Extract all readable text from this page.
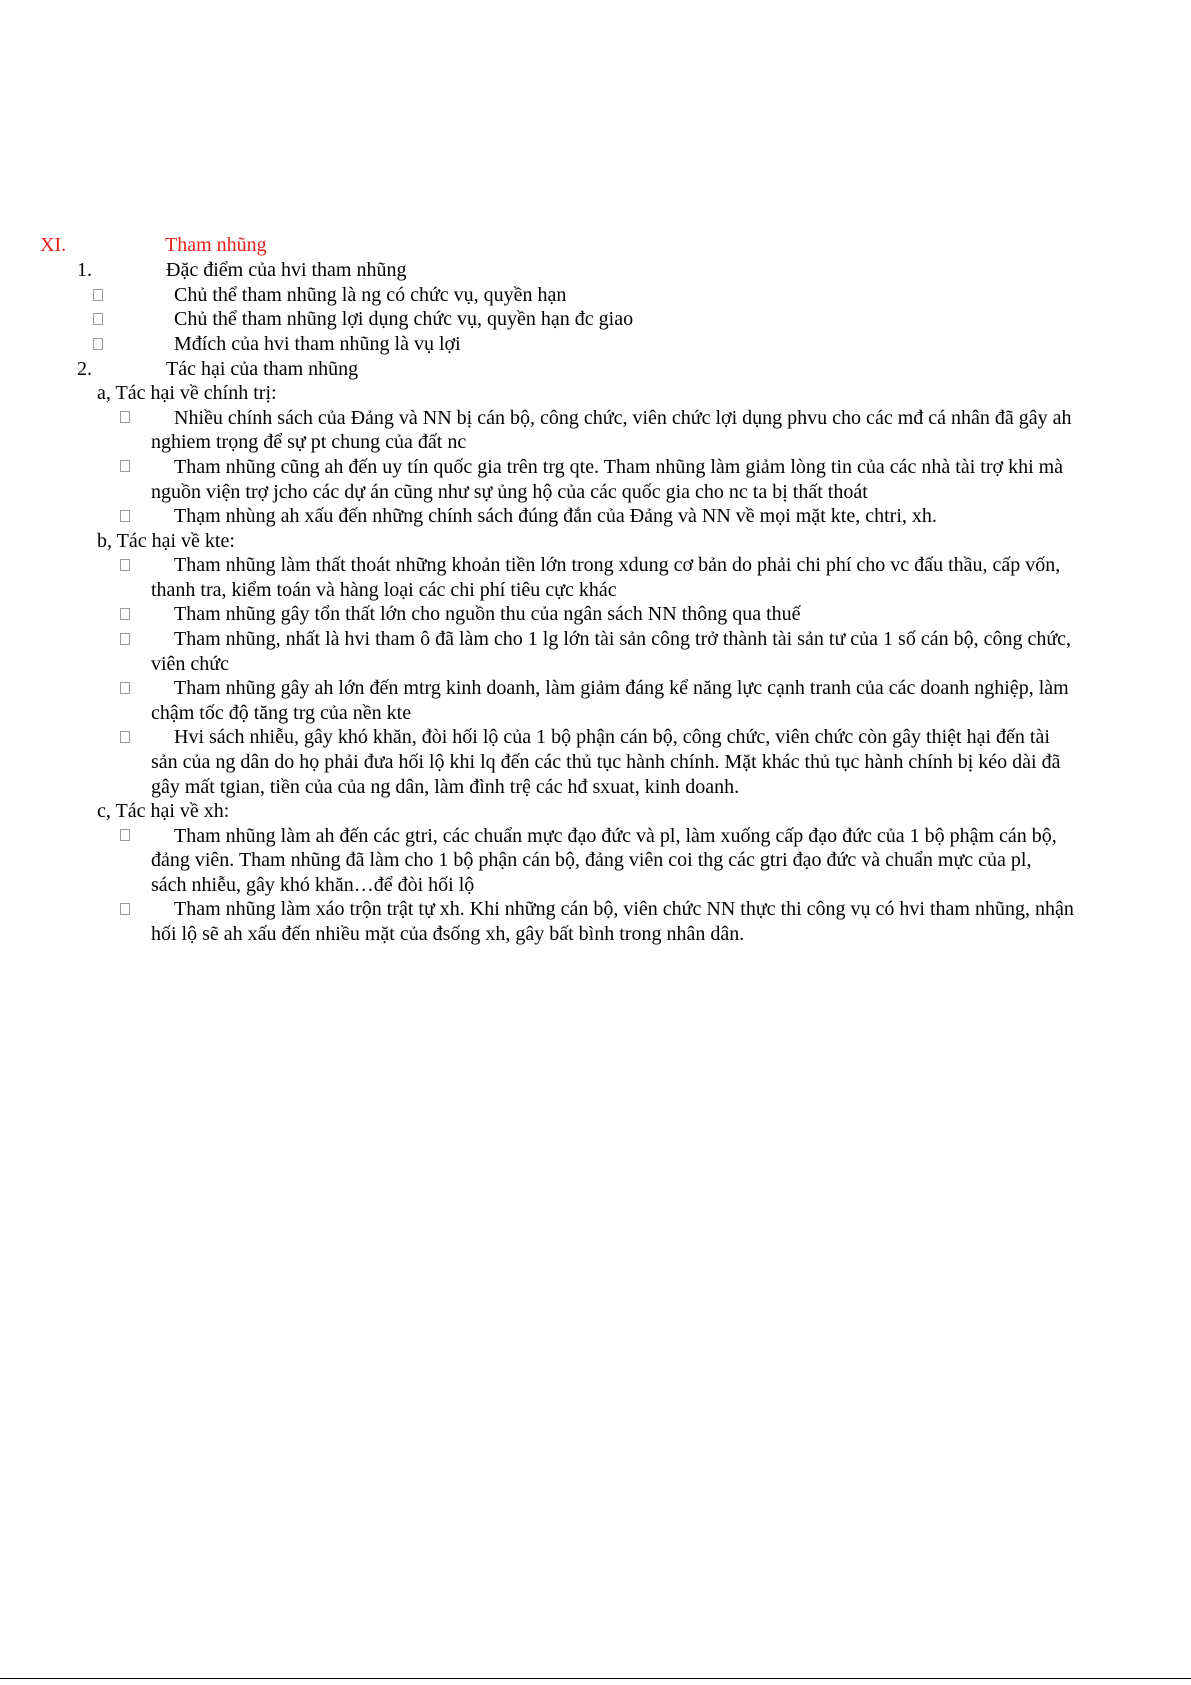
XI.	Tham nhũng
1.	Đặc điểm của hvi tham nhũng
Chủ thể tham nhũng là ng có chức vụ, quyền hạn
Chủ thể tham nhũng lợi dụng chức vụ, quyền hạn đc giao
Mđích của hvi tham nhũng là vụ lợi
2.	Tác hại của tham nhũng
a, Tác hại về chính trị:
Nhiều chính sách của Đảng và NN bị cán bộ, công chức, viên chức lợi dụng phvu cho các mđ cá nhân đã gây ah
nghiem trọng để sự pt chung của đất nc
Tham nhũng cũng ah đến uy tín quốc gia trên trg qte. Tham nhũng làm giảm lòng tin của các nhà tài trợ khi mà
nguồn viện trợ jcho các dự án cũng như sự ủng hộ của các quốc gia cho nc ta bị thất thoát
Thạm nhùng ah xấu đến những chính sách đúng đắn của Đảng và NN về mọi mặt kte, chtri, xh.
b, Tác hại về kte:
Tham nhũng làm thất thoát những khoản tiền lớn trong xdung cơ bản do phải chi phí cho vc đấu thầu, cấp vốn,
thanh tra, kiểm toán và hàng loại các chi phí tiêu cực khác
Tham nhũng gây tổn thất lớn cho nguồn thu của ngân sách NN thông qua thuế
Tham nhũng, nhất là hvi tham ô đã làm cho 1 lg lớn tài sản công trở thành tài sản tư của 1 số cán bộ, công chức,
viên chức
Tham nhũng gây ah lớn đến mtrg kinh doanh, làm giảm đáng kể năng lực cạnh tranh của các doanh nghiệp, làm
chậm tốc độ tăng trg của nền kte
Hvi sách nhiễu, gây khó khăn, đòi hối lộ của 1 bộ phận cán bộ, công chức, viên chức còn gây thiệt hại đến tài
sản của ng dân do họ phải đưa hối lộ khi lq đến các thủ tục hành chính. Mặt khác thủ tục hành chính bị kéo dài đã
gây mất tgian, tiền của của ng dân, làm đình trệ các hđ sxuat, kinh doanh.
c, Tác hại về xh:
Tham nhũng làm ah đến các gtri, các chuẩn mực đạo đức và pl, làm xuống cấp đạo đức của 1 bộ phậm cán bộ,
đảng viên. Tham nhũng đã làm cho 1 bộ phận cán bộ, đảng viên coi thg các gtri đạo đức và chuẩn mực của pl,
sách nhiễu, gây khó khăn…để đòi hối lộ
Tham nhũng làm xáo trộn trật tự xh. Khi những cán bộ, viên chức NN thực thi công vụ có hvi tham nhũng, nhận
hối lộ sẽ ah xấu đến nhiều mặt của đsống xh, gây bất bình trong nhân dân.
